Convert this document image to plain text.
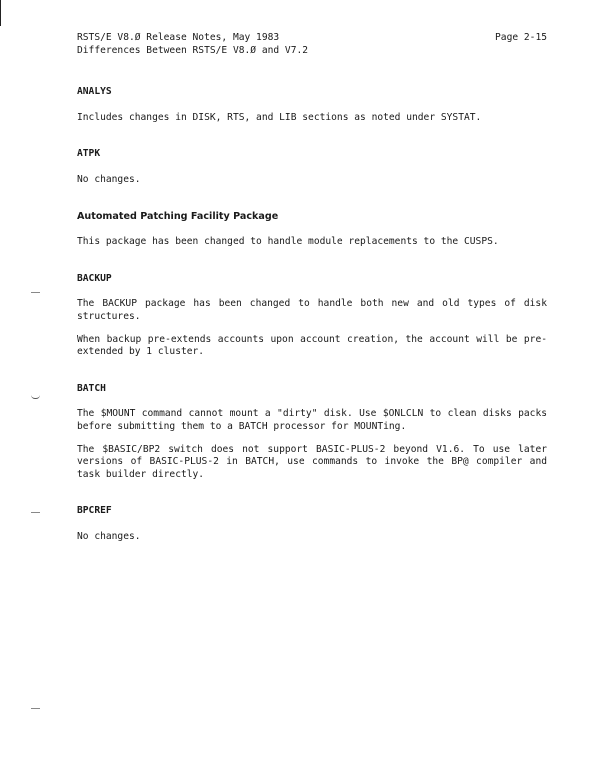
RSTS/E V8.Ø Release Notes, May 1983	Page 2-15
Differences Between RSTS/E V8.Ø and V7.2
ANALYS

Includes changes in DISK, RTS, and LIB sections as noted under SYSTAT.

ATPK

No changes.

Automated Patching Facility Package

This package has been changed to handle module replacements to the CUSPS.

BACKUP

The BACKUP package has been changed to handle both new and old types of disk structures.

When backup pre-extends accounts upon account creation, the account will be pre-extended by 1 cluster.

BATCH

The $MOUNT command cannot mount a "dirty" disk. Use $ONLCLN to clean disks packs before submitting them to a BATCH processor for MOUNTing.

The $BASIC/BP2 switch does not support BASIC-PLUS-2 beyond V1.6. To use later versions of BASIC-PLUS-2 in BATCH, use commands to invoke the BP@ compiler and task builder directly.

BPCREF

No changes.
